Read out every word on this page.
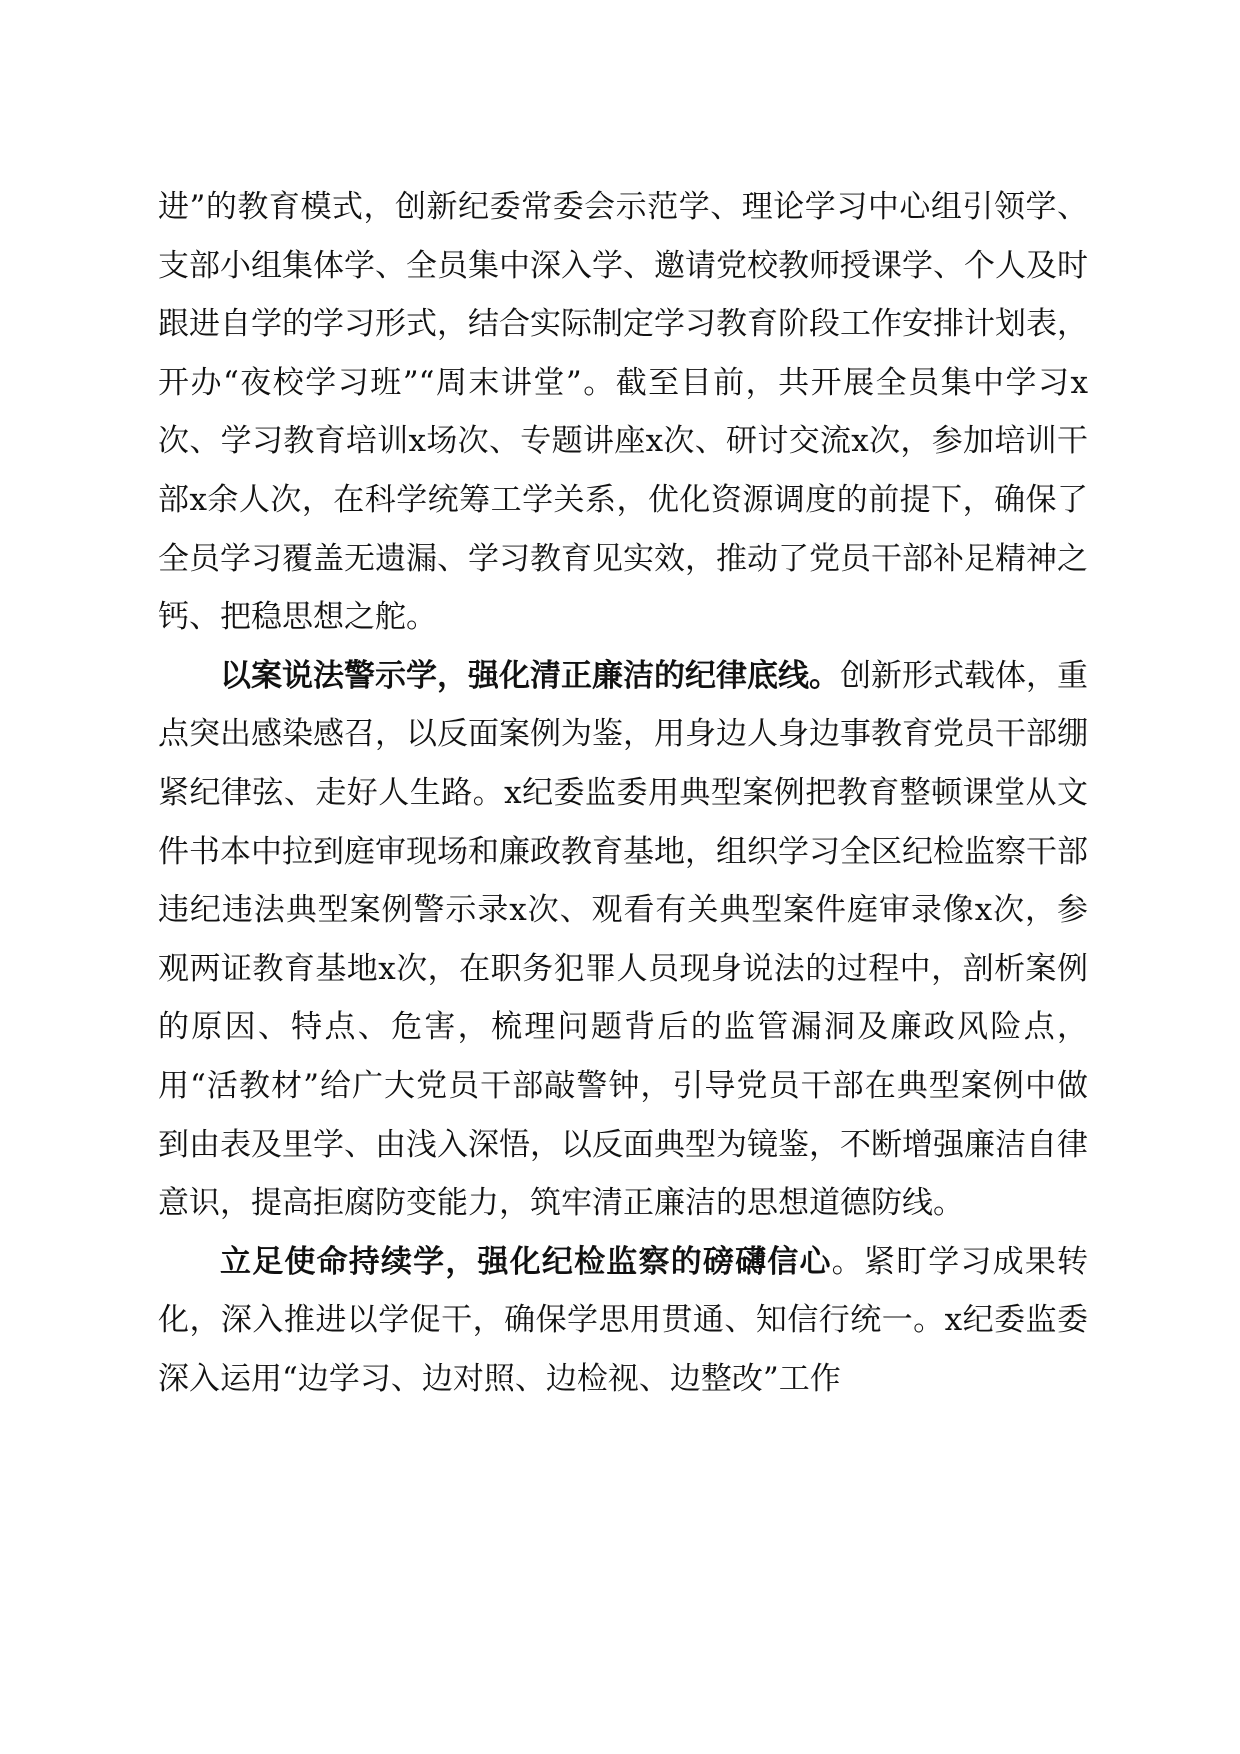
进”的教育模式，创新纪委常委会示范学、理论学习中心组引领学、支部小组集体学、全员集中深入学、邀请党校教师授课学、个人及时跟进自学的学习形式，结合实际制定学习教育阶段工作安排计划表，开办“夜校学习班”“周末讲堂”。截至目前，共开展全员集中学习x次、学习教育培训x场次、专题讲座x次、研讨交流x次，参加培训干部x余人次，在科学统筹工学关系，优化资源调度的前提下，确保了全员学习覆盖无遗漏、学习教育见实效，推动了党员干部补足精神之钙、把稳思想之舵。

以案说法警示学，强化清正廉洁的纪律底线。创新形式载体，重点突出感染感召，以反面案例为鉴，用身边人身边事教育党员干部绷紧纪律弦、走好人生路。x纪委监委用典型案例把教育整顿课堂从文件书本中拉到庭审现场和廉政教育基地，组织学习全区纪检监察干部违纪违法典型案例警示录x次、观看有关典型案件庭审录像x次，参观两证教育基地x次，在职务犯罪人员现身说法的过程中，剖析案例的原因、特点、危害，梳理问题背后的监管漏洞及廉政风险点，用“活教材”给广大党员干部敲警钟，引导党员干部在典型案例中做到由表及里学、由浅入深悟，以反面典型为镜鉴，不断增强廉洁自律意识，提高拒腐防变能力，筑牢清正廉洁的思想道德防线。

立足使命持续学，强化纪检监察的磅礴信心。紧盯学习成果转化，深入推进以学促干，确保学思用贯通、知信行统一。x纪委监委深入运用“边学习、边对照、边检视、边整改”工作
